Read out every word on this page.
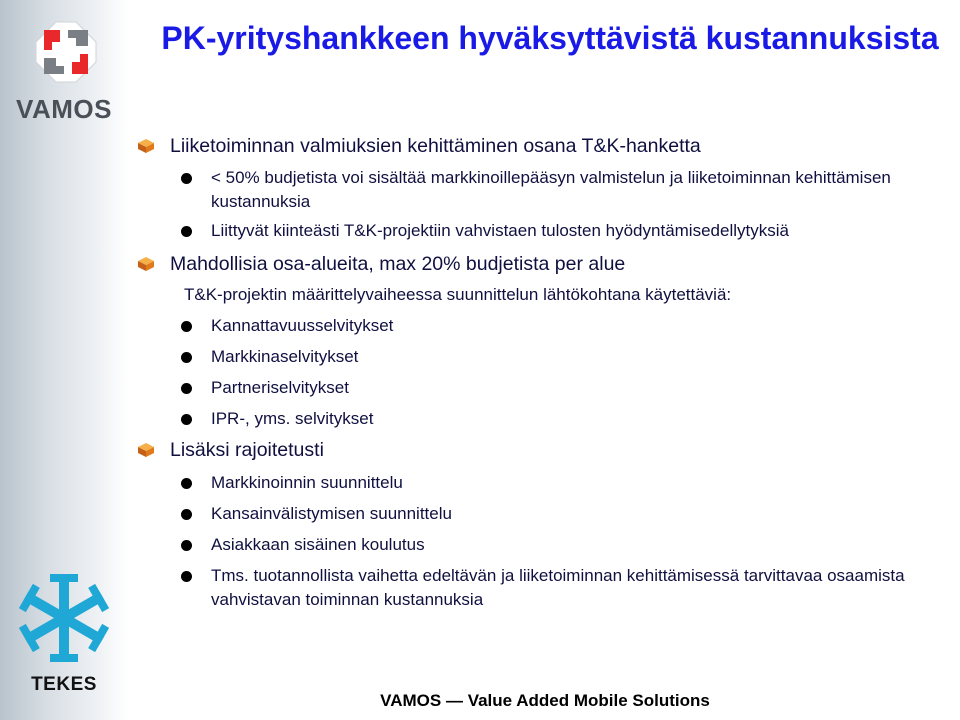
VAMOS
TEKES
PK-yrityshankkeen hyväksyttävistä kustannuksista
Liiketoiminnan valmiuksien kehittäminen osana T&K-hanketta
< 50% budjetista voi sisältää markkinoillepääsyn valmistelun ja liiketoiminnan kehittämisen kustannuksia
Liittyvät kiinteästi T&K-projektiin vahvistaen tulosten hyödyntämisedellytyksiä
Mahdollisia osa-alueita, max 20% budjetista per alue
T&K-projektin määrittelyvaiheessa suunnittelun lähtökohtana käytettäviä:
Kannattavuusselvitykset
Markkinaselvitykset
Partneriselvitykset
IPR-, yms. selvitykset
Lisäksi rajoitetusti
Markkinoinnin suunnittelu
Kansainvälistymisen suunnittelu
Asiakkaan sisäinen koulutus
Tms. tuotannollista vaihetta edeltävän ja liiketoiminnan kehittämisessä tarvittavaa osaamista vahvistavan toiminnan kustannuksia
VAMOS — Value Added Mobile Solutions
